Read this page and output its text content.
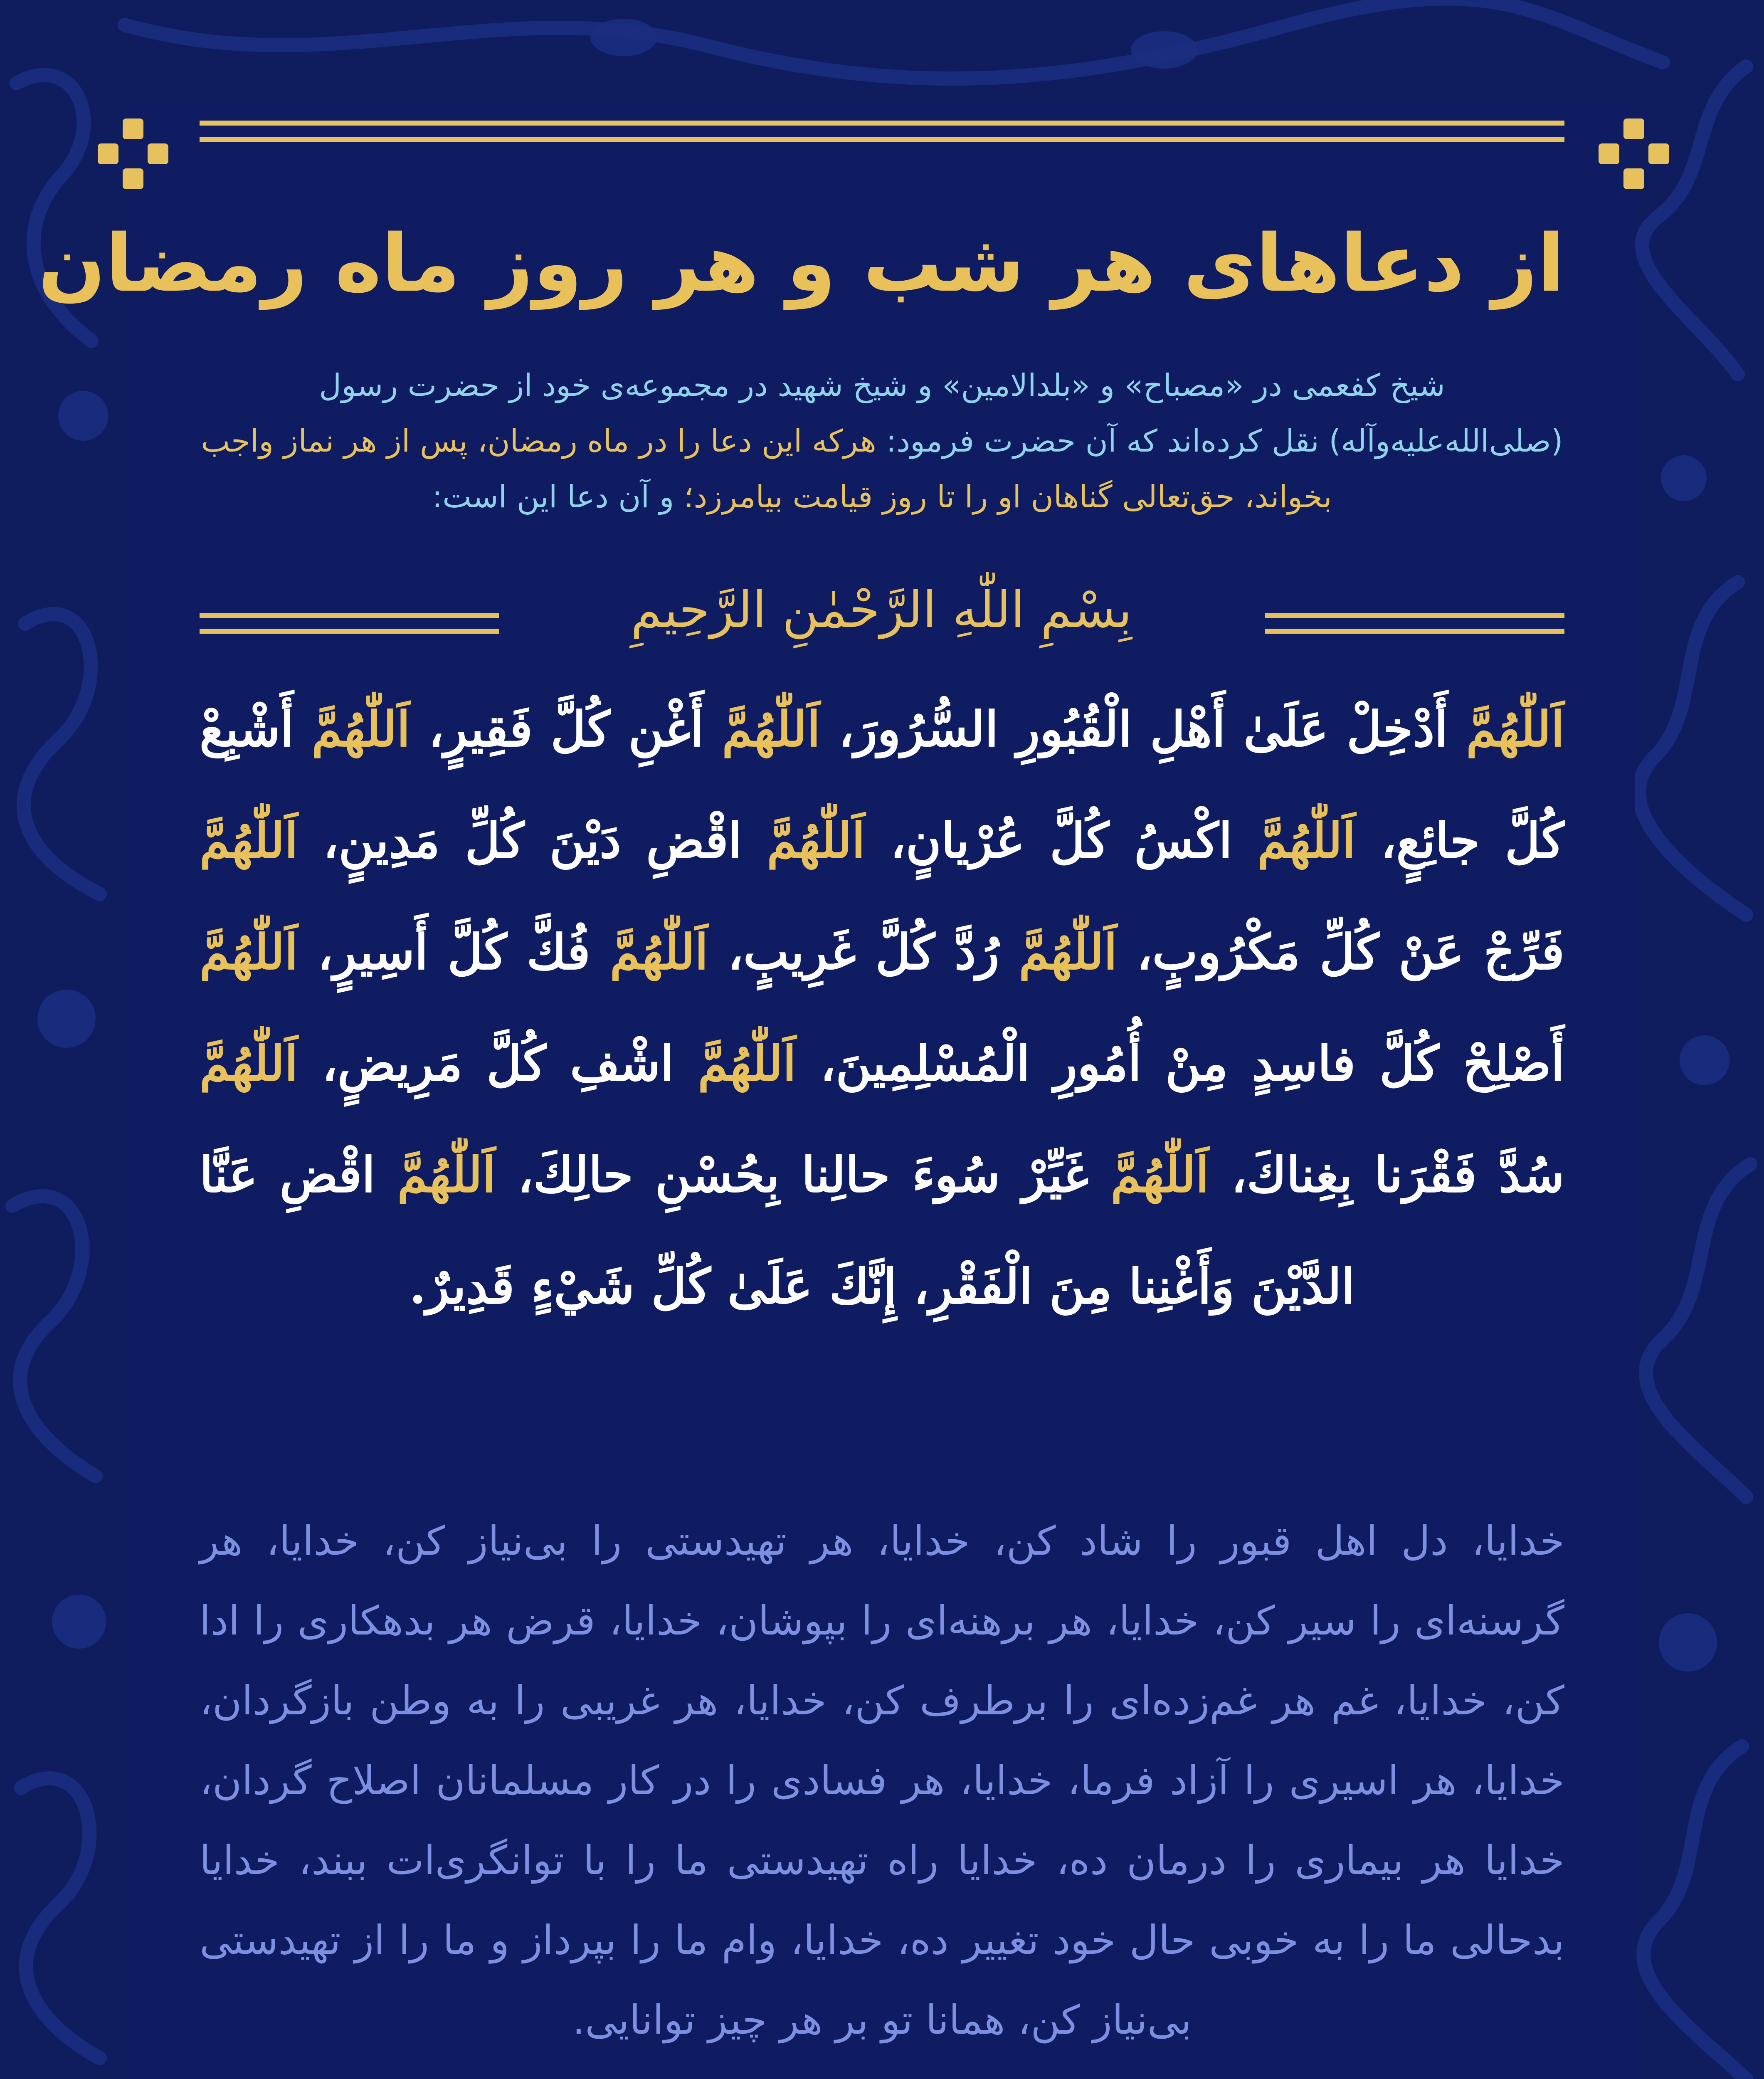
از دعاهای هر شب و هر روز ماه رمضان
شیخ کفعمی در «مصباح» و «بلدالامین» و شیخ شهید در مجموعه‌ی خود از حضرت رسول (صلی‌الله‌علیه‌وآله) نقل کرده‌اند که آن حضرت فرمود: هرکه این دعا را در ماه رمضان، پس از هر نماز واجب بخواند، حق‌تعالی گناهان او را تا روز قیامت بیامرزد؛ و آن دعا این است:
بِسْمِ اللّٰهِ الرَّحْمٰنِ الرَّحِيمِ
اَللّٰهُمَّ أَدْخِلْ عَلَىٰ أَهْلِ الْقُبُورِ السُّرُورَ، اَللّٰهُمَّ أَغْنِ كُلَّ فَقِيرٍ، اَللّٰهُمَّ أَشْبِعْ كُلَّ جائِعٍ، اَللّٰهُمَّ اكْسُ كُلَّ عُرْيانٍ، اَللّٰهُمَّ اقْضِ دَيْنَ كُلِّ مَدِينٍ، اَللّٰهُمَّ فَرِّجْ عَنْ كُلِّ مَكْرُوبٍ، اَللّٰهُمَّ رُدَّ كُلَّ غَرِيبٍ، اَللّٰهُمَّ فُكَّ كُلَّ أَسِيرٍ، اَللّٰهُمَّ أَصْلِحْ كُلَّ فاسِدٍ مِنْ أُمُورِ الْمُسْلِمِينَ، اَللّٰهُمَّ اشْفِ كُلَّ مَرِيضٍ، اَللّٰهُمَّ سُدَّ فَقْرَنا بِغِناكَ، اَللّٰهُمَّ غَيِّرْ سُوءَ حالِنا بِحُسْنِ حالِكَ، اَللّٰهُمَّ اقْضِ عَنَّا الدَّيْنَ وَأَغْنِنا مِنَ الْفَقْرِ، إِنَّكَ عَلَىٰ كُلِّ شَيْءٍ قَدِيرٌ.
خدایا، دل اهل قبور را شاد کن، خدایا، هر تهیدستی را بی‌نیاز کن، خدایا، هر گرسنه‌ای را سیر کن، خدایا، هر برهنه‌ای را بپوشان، خدایا، قرض هر بدهکاری را ادا کن، خدایا، غم هر غم‌زده‌ای را برطرف کن، خدایا، هر غریبی را به وطن بازگردان، خدایا، هر اسیری را آزاد فرما، خدایا، هر فسادی را در کار مسلمانان اصلاح گردان، خدایا هر بیماری را درمان ده، خدایا راه تهیدستی ما را با توانگری‌ات ببند، خدایا بدحالی ما را به خوبی حال خود تغییر ده، خدایا، وام ما را بپرداز و ما را از تهیدستی بی‌نیاز کن، همانا تو بر هر چیز توانایی.
